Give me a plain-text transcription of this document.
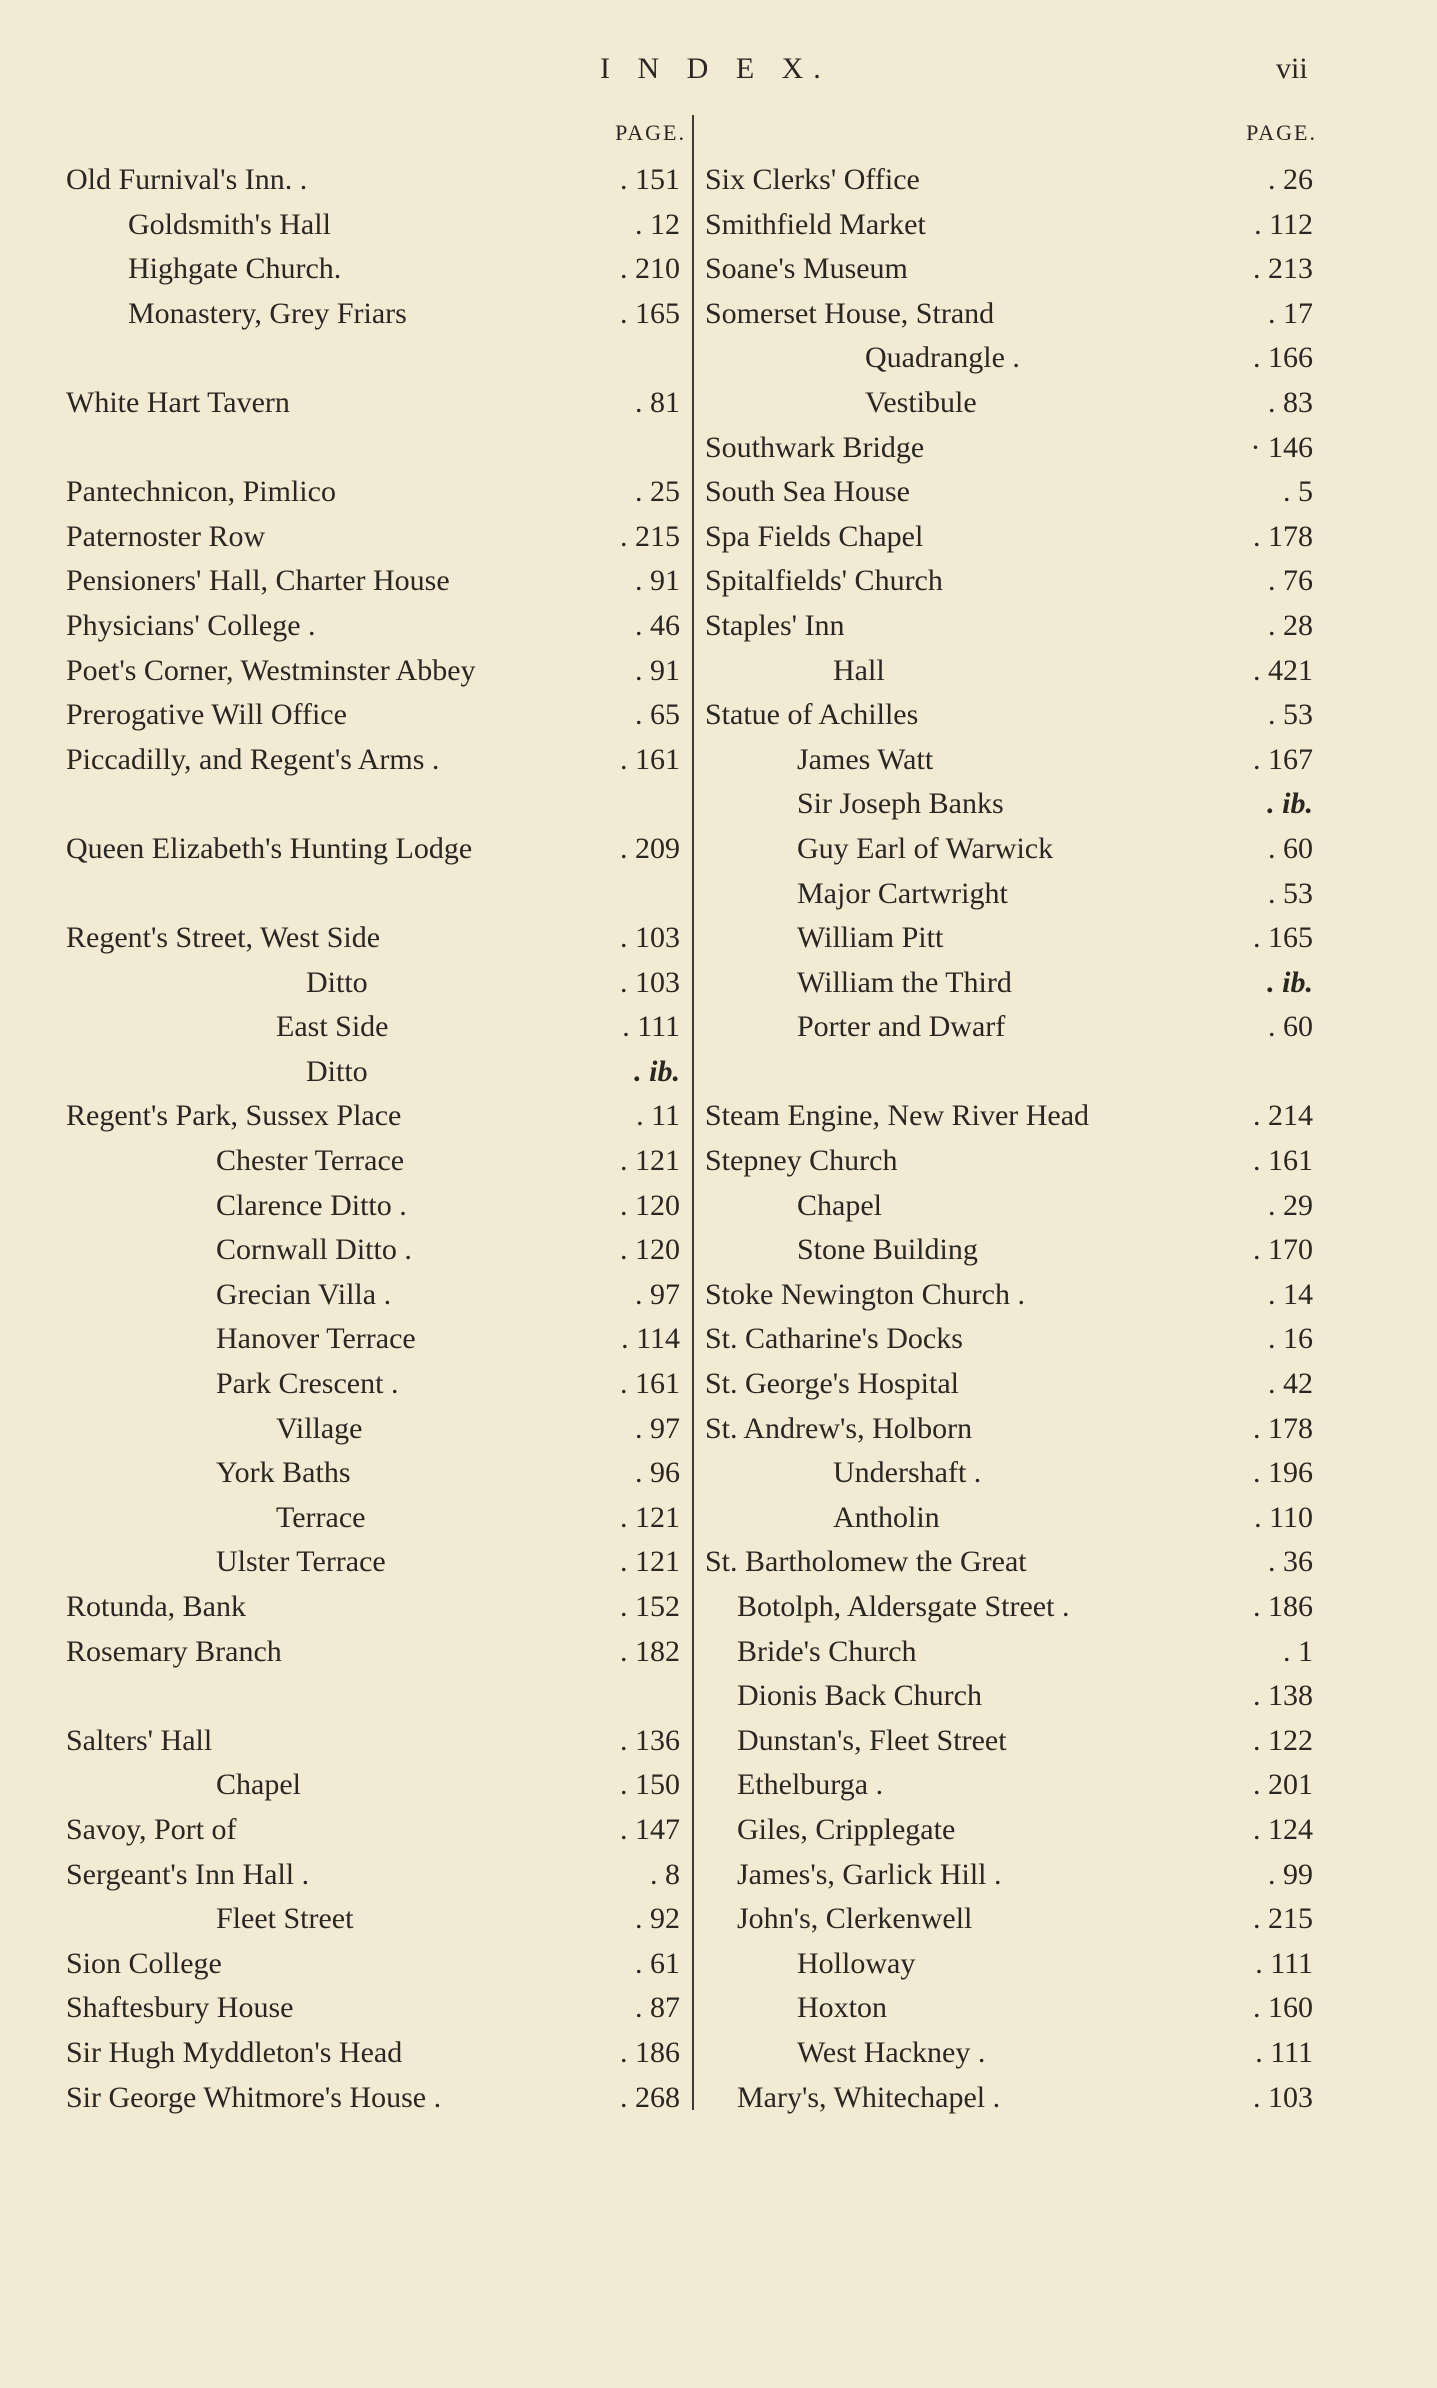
I N D E X.	vii
PAGE.
Old Furnival's Inn. .	. 151
Goldsmith's Hall	. 12
Highgate Church.	. 210
Monastery, Grey Friars	. 165
White Hart Tavern	. 81
Pantechnicon, Pimlico	. 25
Paternoster Row	. 215
Pensioners' Hall, Charter House	. 91
Physicians' College .	. 46
Poet's Corner, Westminster Abbey	. 91
Prerogative Will Office	. 65
Piccadilly, and Regent's Arms .	. 161
Queen Elizabeth's Hunting Lodge	. 209
Regent's Street, West Side	. 103
Ditto	. 103
East Side	. 111
Ditto	. ib.
Regent's Park, Sussex Place	. 11
Chester Terrace	. 121
Clarence Ditto .	. 120
Cornwall Ditto .	. 120
Grecian Villa .	. 97
Hanover Terrace	. 114
Park Crescent .	. 161
Village	. 97
York Baths	. 96
Terrace	. 121
Ulster Terrace	. 121
Rotunda, Bank	. 152
Rosemary Branch	. 182
Salters' Hall	. 136
Chapel	. 150
Savoy, Port of	. 147
Sergeant's Inn Hall .	. 8
Fleet Street	. 92
Sion College	. 61
Shaftesbury House	. 87
Sir Hugh Myddleton's Head	. 186
Sir George Whitmore's House .	. 268
PAGE.
Six Clerks' Office	. 26
Smithfield Market	. 112
Soane's Museum	. 213
Somerset House, Strand	. 17
Quadrangle .	. 166
Vestibule	. 83
Southwark Bridge	· 146
South Sea House	. 5
Spa Fields Chapel	. 178
Spitalfields' Church	. 76
Staples' Inn	. 28
Hall	. 421
Statue of Achilles	. 53
James Watt	. 167
Sir Joseph Banks	. ib.
Guy Earl of Warwick	. 60
Major Cartwright	. 53
William Pitt	. 165
William the Third	. ib.
Porter and Dwarf	. 60
Steam Engine, New River Head	. 214
Stepney Church	. 161
Chapel	. 29
Stone Building	. 170
Stoke Newington Church .	. 14
St. Catharine's Docks	. 16
St. George's Hospital	. 42
St. Andrew's, Holborn	. 178
Undershaft .	. 196
Antholin	. 110
St. Bartholomew the Great	. 36
Botolph, Aldersgate Street .	. 186
Bride's Church	. 1
Dionis Back Church	. 138
Dunstan's, Fleet Street	. 122
Ethelburga .	. 201
Giles, Cripplegate	. 124
James's, Garlick Hill .	. 99
John's, Clerkenwell	. 215
Holloway	. 111
Hoxton	. 160
West Hackney .	. 111
Mary's, Whitechapel .	. 103
